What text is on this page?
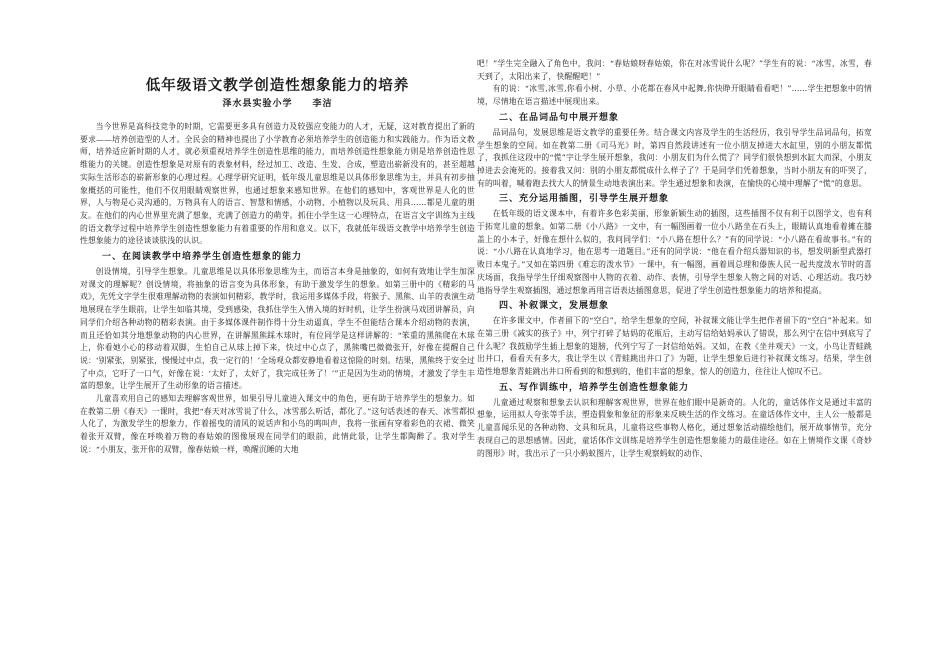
低年级语文教学创造性想象能力的培养
泽水县实验小学　　李洁

当今世界是高科技竞争的时期，它需要更多具有创造力及较强应变能力的人才，无疑，这对教育提出了新的要求——培养创造型的人才。全民会的精神也提出了小学教育必须培养学生的创造能力和实践能力。作为语文教师，培养适应新时期的人才，就必须重视培养学生创造性思维的能力，而培养创造性想象能力则是培养创造性思维能力的关键。创造性想象是对原有的表象材料，经过加工、改造、生发、合成，塑造出崭新没有的，甚至超越实际生活形态的崭新形象的心理过程。心理学研究证明，低年级儿童思维是以具体形象思维为主，并具有初步抽象概括的可能性，他们不仅用眼睛观察世界，也通过想象来感知世界。在他们的感知中，客观世界是人化的世界，人与物是心灵沟通的，万物具有人的语言、智慧和情感，小动物、小植物以及玩具、用具……都是儿童的朋友。在他们的内心世界里充满了想象，充满了创造力的萌芽。抓住小学生这一心理特点，在语言文字训练为主线的语文教学过程中培养学生创造性想象能力有着重要的作用和意义。以下，我就低年级语文教学中培养学生创造性想象能力的途径谈谈肤浅的认识。

一、在阅读教学中培养学生创造性想象的能力

创设情境，引导学生想象。儿童思维是以具体形象思维为主，而语言本身是抽象的，如何有效地让学生加深对课文的理解呢？创设情境，将抽象的语言变为具体形象，有助于激发学生的想象。如第三册中的《精彩的马戏》，先凭文字学生很难理解动物的表演如何精彩，教学时，我运用多媒体手段，将猴子、黑熊、山羊的表演生动地展现在学生眼前，让学生如临其境，受到感染，我抓住学生入情入境的好时机，让学生扮演马戏团讲解员，向同学们介绍各种动物的精彩表演。由于多媒体课件制作得十分生动逼真，学生不但能结合课本介绍动物的表演，而且还恰如其分地想象动物的内心世界，在讲解黑熊踩木球时，有位同学是这样讲解的：“笨重的黑熊爬在木球上，你看她小心的移动着双脚，生怕自己从球上掉下来，快过中心点了，黑熊嘴巴微微张开，好像在提醒自己说：‘别紧张，别紧张，慢慢过中点，我一定行的！’全场观众都安静地看着这惊险的时刻。结果，黑熊终于安全过了中点，它吁了一口气，好像在说：‘太好了，太好了，我完成任务了！’”正是因为生动的情境，才激发了学生丰富的想象，让学生展开了生动形象的语言描述。

儿童喜欢用自己的感知去理解客观世界，如果引导儿童进入课文中的角色，更有助于培养学生的想象力。如在教第二册《春天》一课时，我把“春天对冰雪说了什么，冰雪那么听话，都化了。”这句话表述的春天、冰雪都拟人化了，为激发学生的想象力，作着摇曳的清风的说话声和小鸟的鸣叫声，我将一张画有穿着彩色的衣裙、微笑着张开双臂，像在呼唤着万物的春姑娘的图像展现在同学们的眼前，此情此景，让学生都陶醉了。我对学生说：“小朋友，张开你的双臂，像春姑娘一样，唤醒沉睡的大地

吧！”学生完全融入了角色中，我问：“春姑娘呀春姑娘，你在对冰雪说什么呢？”学生有的说：“冰雪，冰雪，春天到了，太阳出来了，快醒醒吧！”

有的说：“冰雪,冰雪,你看小树、小草、小花都在春风中起舞,你快睁开眼睛看看吧！”……学生把想象中的情境，尽情地在语言描述中展现出来。

二、在品词品句中展开想象

品词品句，发展思维是语文教学的重要任务。结合课文内容及学生的生活经历，我引导学生品词品句，拓宽学生想象的空间。如在教第二册《司马光》时，第四自然段讲述有一位小朋友掉进大水缸里，别的小朋友都慌了，我抓住这段中的“慌”字让学生展开想象，我问：小朋友们为什么慌了？同学们很快想到水缸大而深，小朋友掉进去会淹死的。接着我又问：别的小朋友都慌成什么样子了？于是同学们凭着想象，当时小朋友有的吓哭了，有的叫着，喊着跑去找大人的情景生动地表演出来。学生通过想象和表演，在愉快的心境中理解了“慌”的意思。

三、充分运用插图，引导学生展开想象

在低年级的语文课本中，有着许多色彩美丽，形象新颖生动的插图，这些插图不仅有利于以图学文，也有利于拓宽儿童的想象。如第二册《小八路》一文中，有一幅图画着一位小八路坐在石头上，眼睛认真地看着摊在膝盖上的小本子，好像在想什么似的，我问同学们：“小八路在想什么？”有的同学说：“小八路在看故事书。”有的说：“小八路在认真地学习，他在思考一道题目。”还有的同学说：“他在看介绍兵器知识的书，想发明新型武器打败日本鬼子。”又如在第四册《难忘的泼水节》一课中，有一幅图，画着周总理和傣族人民一起共度泼水节时的喜庆场面，我指导学生仔细观察图中人物的衣着、动作、表情，引导学生想象人物之间的对话、心理活动。我巧妙地指导学生观察插图，通过想象再用言语表达插图意思，促进了学生创造性想象能力的培养和提高。

四、补叙课文，发展想象

在许多课文中，作者留下的“空白”，给学生想象的空间，补叙课文能让学生把作者留下的“空白”补起来。如在第三册《减实的孩子》中，列宁打碎了姑妈的花瓶后，主动写信给姑妈承认了错误，那么列宁在信中到底写了什么呢？我鼓励学生插上想象的翅膀，代列宁写了一封信给姑妈。又如，在教《坐井观天》一文，小鸟让青蛙跳出井口，看看天有多大，我让学生以《青蛙跳出井口了》为题，让学生想象后进行补叙课文练习。结果，学生创造性地想象青蛙跳出井口所看到的和想到的，他们丰富的想象，惊人的创造力，往往让人惊叹不已。

五、写作训练中，培养学生创造性想象能力

儿童通过观察和想象去认识和理解客观世界，世界在他们眼中是新奇的。人化的，童话体作文是通过丰富的想象，运用拟人夸张等手法，塑造假象和象征的形象来反映生活的作文练习。在童话体作文中，主人公一般都是儿童喜闻乐见的各种动物、文具和玩具，儿童将这些事物人格化，通过想象活动描绘他们，展开故事情节，充分表现自己的思想感情。因此，童话体作文训练是培养学生创造性想象能力的最佳途径。如在上情境作文课《奇妙的图形》时，我出示了一只小蚂蚁图片，让学生观察蚂蚁的动作、
